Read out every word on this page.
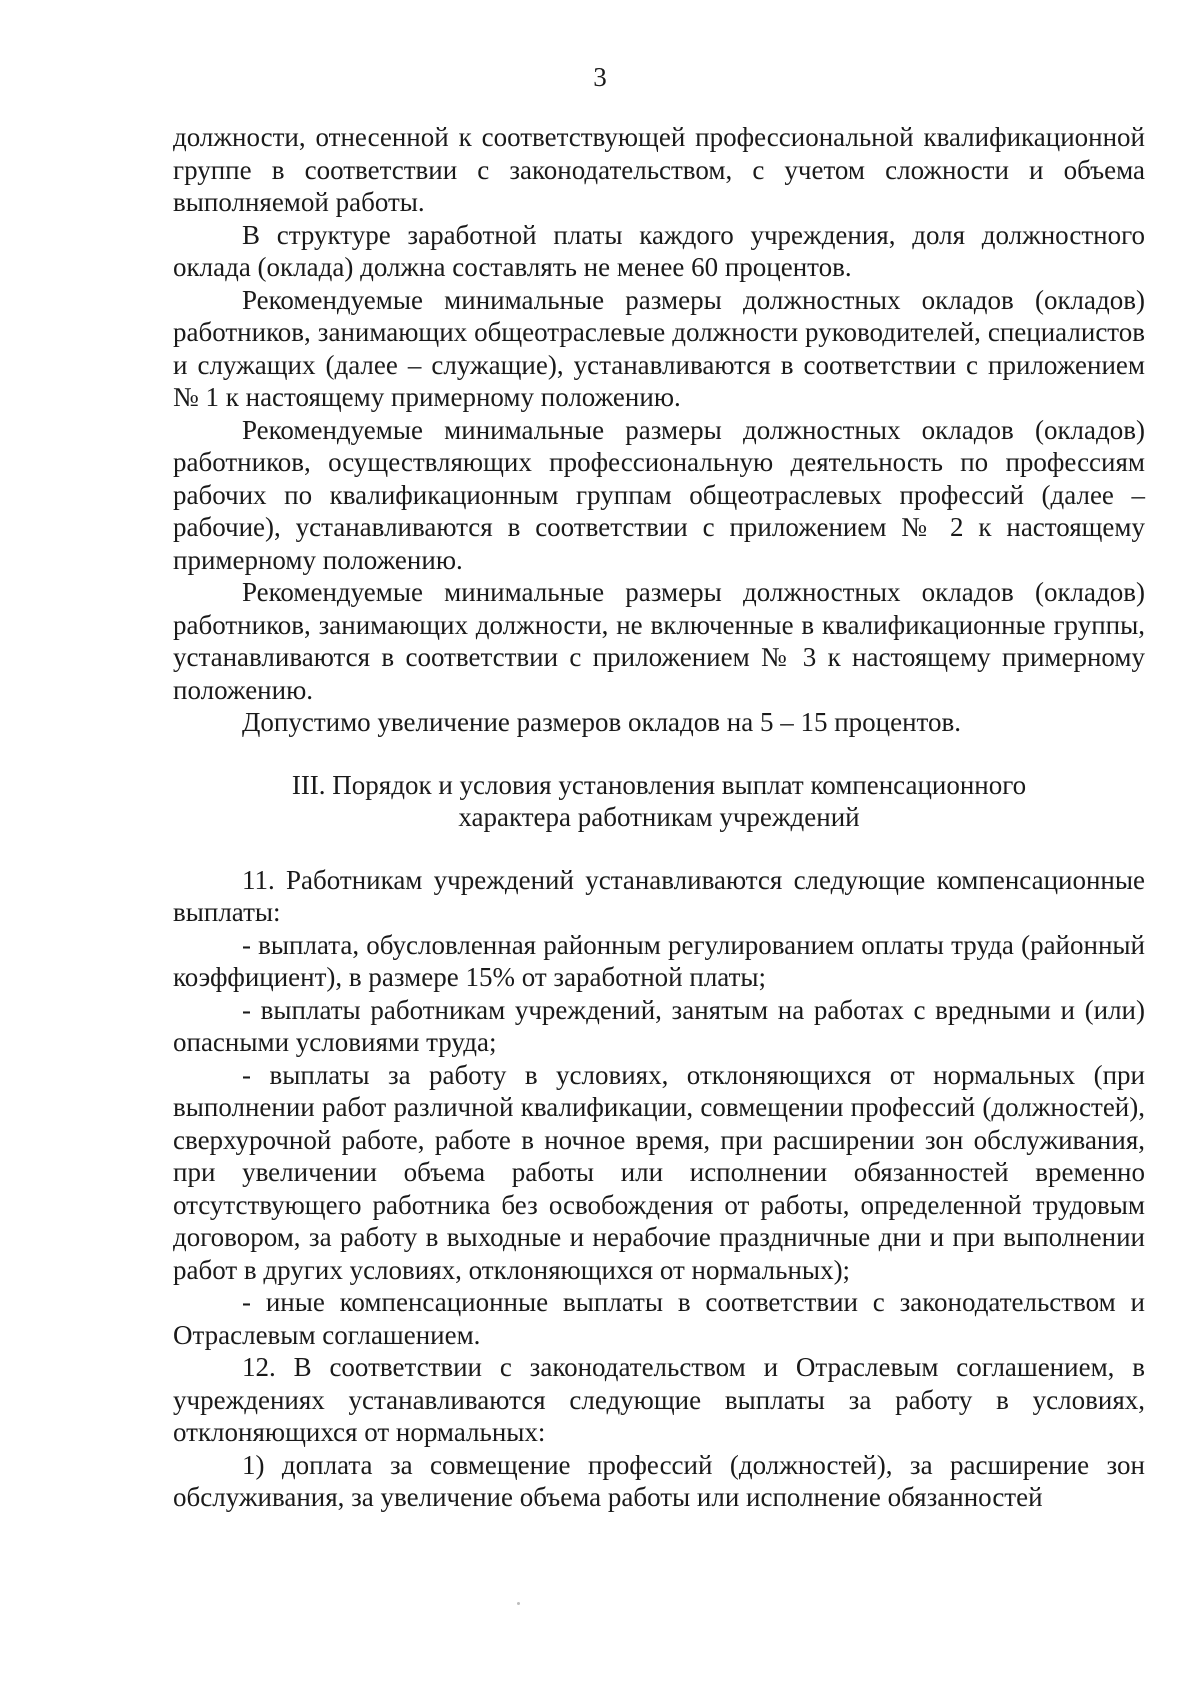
3

должности, отнесенной к соответствующей профессиональной квалификационной группе в соответствии с законодательством, с учетом сложности и объема выполняемой работы.

В структуре заработной платы каждого учреждения, доля должностного оклада (оклада) должна составлять не менее 60 процентов.

Рекомендуемые минимальные размеры должностных окладов (окладов) работников, занимающих общеотраслевые должности руководителей, специалистов и служащих (далее – служащие), устанавливаются в соответствии с приложением № 1 к настоящему примерному положению.

Рекомендуемые минимальные размеры должностных окладов (окладов) работников, осуществляющих профессиональную деятельность по профессиям рабочих по квалификационным группам общеотраслевых профессий (далее – рабочие), устанавливаются в соответствии с приложением № 2 к настоящему примерному положению.

Рекомендуемые минимальные размеры должностных окладов (окладов) работников, занимающих должности, не включенные в квалификационные группы, устанавливаются в соответствии с приложением № 3 к настоящему примерному положению.

Допустимо увеличение размеров окладов на 5 – 15 процентов.

III. Порядок и условия установления выплат компенсационного

характера работникам учреждений

11. Работникам учреждений устанавливаются следующие компенсационные выплаты:

- выплата, обусловленная районным регулированием оплаты труда (районный коэффициент), в размере 15% от заработной платы;

- выплаты работникам учреждений, занятым на работах с вредными и (или) опасными условиями труда;

- выплаты за работу в условиях, отклоняющихся от нормальных (при выполнении работ различной квалификации, совмещении профессий (должностей), сверхурочной работе, работе в ночное время, при расширении зон обслуживания, при увеличении объема работы или исполнении обязанностей временно отсутствующего работника без освобождения от работы, определенной трудовым договором, за работу в выходные и нерабочие праздничные дни и при выполнении работ в других условиях, отклоняющихся от нормальных);

- иные компенсационные выплаты в соответствии с законодательством и Отраслевым соглашением.

12. В соответствии с законодательством и Отраслевым соглашением, в учреждениях устанавливаются следующие выплаты за работу в условиях, отклоняющихся от нормальных:

1) доплата за совмещение профессий (должностей), за расширение зон обслуживания, за увеличение объема работы или исполнение обязанностей
